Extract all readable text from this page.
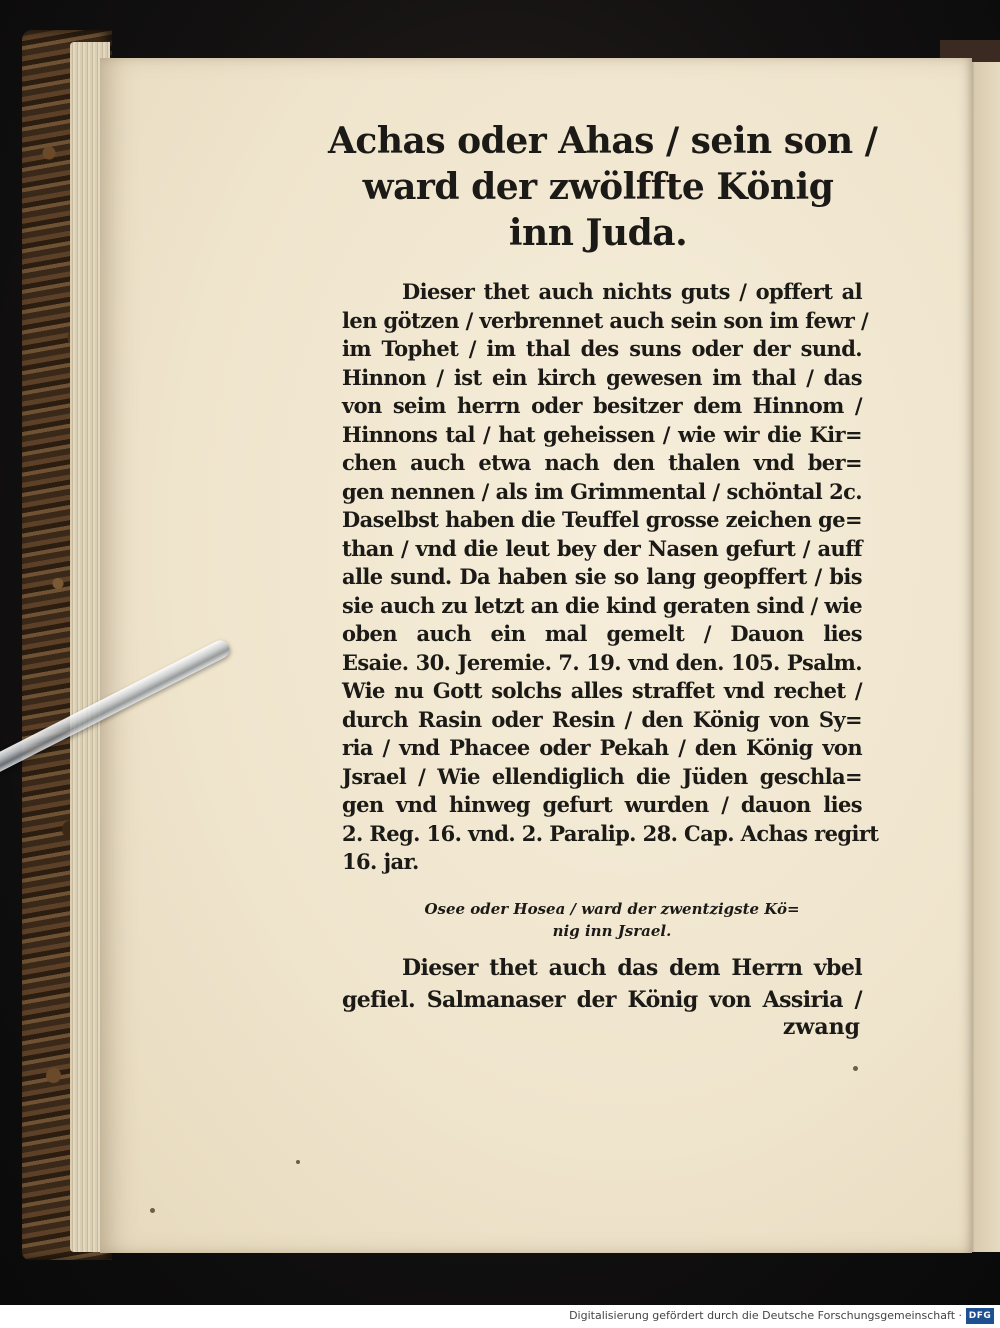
Achas oder Ahas / sein son /
ward der zwölffte König
inn Juda.
Dieser thet auch nichts guts / opffert al
len götzen / verbrennet auch sein son im fewr /
im Tophet / im thal des suns oder der sund.
Hinnon / ist ein kirch gewesen im thal / das
von seim herrn oder besitzer dem Hinnom /
Hinnons tal / hat geheissen / wie wir die Kir=
chen auch etwa nach den thalen vnd ber=
gen nennen / als im Grimmental / schöntal 2c.
Daselbst haben die Teuffel grosse zeichen ge=
than / vnd die leut bey der Nasen gefurt / auff
alle sund. Da haben sie so lang geopffert / bis
sie auch zu letzt an die kind geraten sind / wie
oben auch ein mal gemelt / Dauon lies
Esaie. 30. Jeremie. 7. 19. vnd den. 105. Psalm.
Wie nu Gott solchs alles straffet vnd rechet /
durch Rasin oder Resin / den König von Sy=
ria / vnd Phacee oder Pekah / den König von
Jsrael / Wie ellendiglich die Jüden geschla=
gen vnd hinweg gefurt wurden / dauon lies
2. Reg. 16. vnd. 2. Paralip. 28. Cap. Achas regirt
16. jar.
Osee oder Hosea / ward der zwentzigste Kö=
nig inn Jsrael.
Dieser thet auch das dem Herrn vbel
gefiel. Salmanaser der König von Assiria /
zwang
Digitalisierung gefördert durch die Deutsche Forschungsgemeinschaft · DFG
